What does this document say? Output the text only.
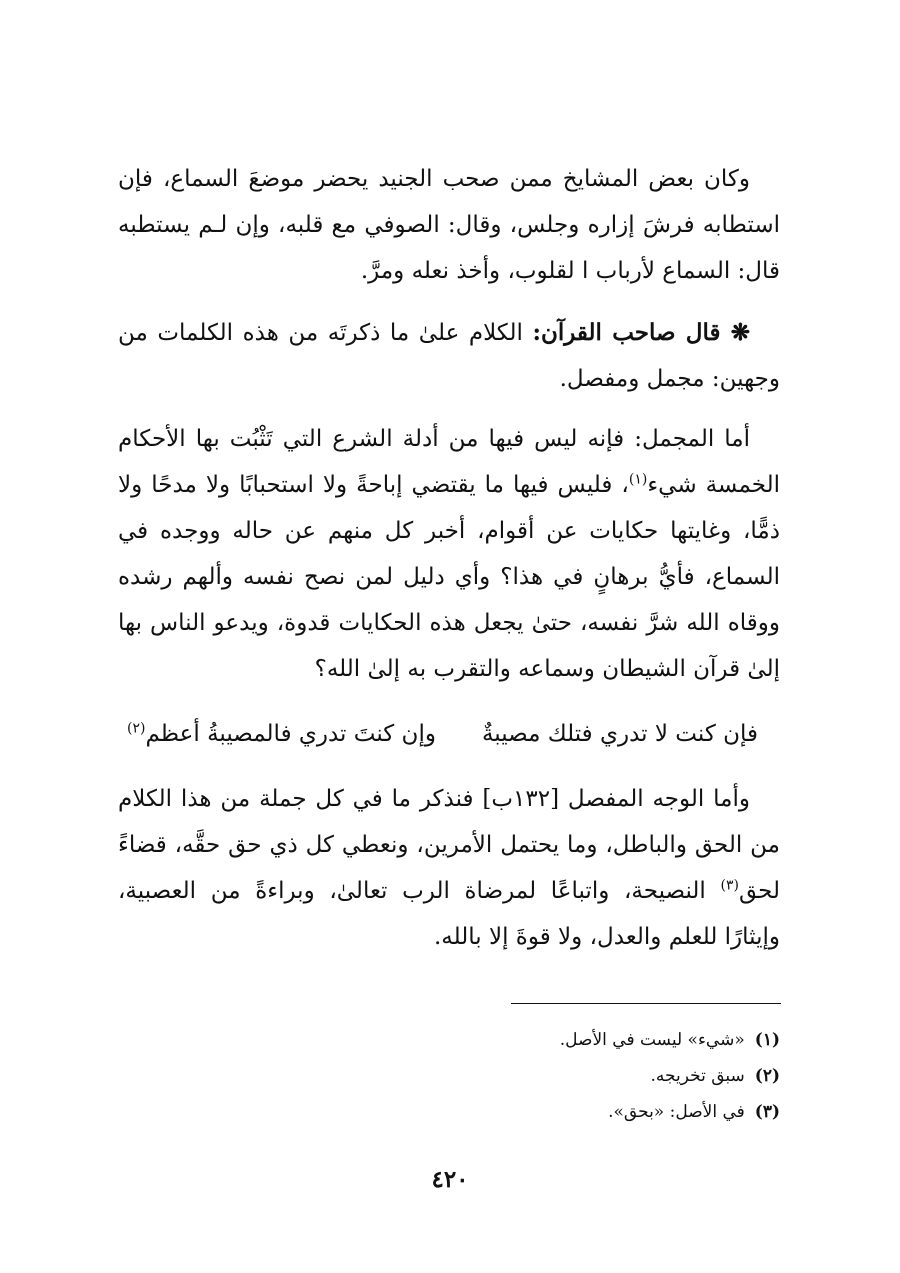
وكان بعض المشايخ ممن صحب الجنيد يحضر موضعَ السماع، فإن استطابه فرشَ إزاره وجلس، وقال: الصوفي مع قلبه، وإن لـم يستطبه قال: السماع لأرباب ا لقلوب، وأخذ نعله ومرَّ.

❋ قال صاحب القرآن: الكلام علىٰ ما ذكرتَه من هذه الكلمات من وجهين: مجمل ومفصل.

أما المجمل: فإنه ليس فيها من أدلة الشرع التي تَثْبُت بها الأحكام الخمسة شيء$^{(١)}$، فليس فيها ما يقتضي إباحةً ولا استحبابًا ولا مدحًا ولا ذمًّا، وغايتها حكايات عن أقوام، أخبر كل منهم عن حاله ووجده في السماع، فأيُّ برهانٍ في هذا؟ وأي دليل لمن نصح نفسه وألهم رشده ووقاه الله شرَّ نفسه، حتىٰ يجعل هذه الحكايات قدوة، ويدعو الناس بها إلىٰ قرآن الشيطان وسماعه والتقرب به إلىٰ الله؟

فإن كنت لا تدري فتلك مصيبةٌ
وإن كنتَ تدري فالمصيبةُ أعظم$^{(٢)}$

وأما الوجه المفصل [١٣٢ب] فنذكر ما في كل جملة من هذا الكلام من الحق والباطل، وما يحتمل الأمرين، ونعطي كل ذي حق حقَّه، قضاءً لحق$^{(٣)}$ النصيحة، واتباعًا لمرضاة الرب تعالىٰ، وبراءةً من العصبية، وإيثارًا للعلم والعدل، ولا قوةَ إلا بالله.

(١)
«شيء» ليست في الأصل.
(٢)
سبق تخريجه.
(٣)
في الأصل: «بحق».
٤٢٠
